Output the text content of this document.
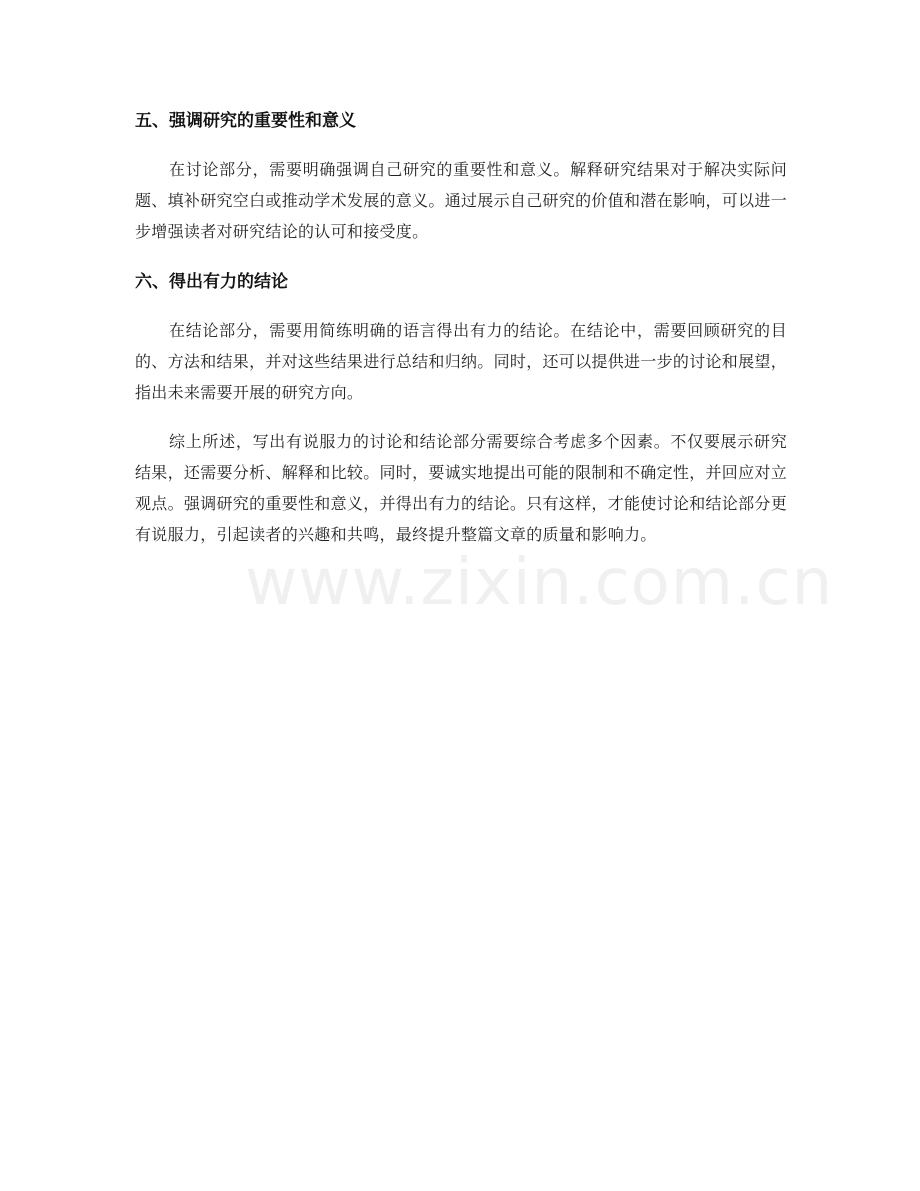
五、强调研究的重要性和意义

在讨论部分，需要明确强调自己研究的重要性和意义。解释研究结果对于解决实际问题、填补研究空白或推动学术发展的意义。通过展示自己研究的价值和潜在影响，可以进一步增强读者对研究结论的认可和接受度。

六、得出有力的结论

在结论部分，需要用简练明确的语言得出有力的结论。在结论中，需要回顾研究的目的、方法和结果，并对这些结果进行总结和归纳。同时，还可以提供进一步的讨论和展望，指出未来需要开展的研究方向。

综上所述，写出有说服力的讨论和结论部分需要综合考虑多个因素。不仅要展示研究结果，还需要分析、解释和比较。同时，要诚实地提出可能的限制和不确定性，并回应对立观点。强调研究的重要性和意义，并得出有力的结论。只有这样，才能使讨论和结论部分更有说服力，引起读者的兴趣和共鸣，最终提升整篇文章的质量和影响力。

www.zixin.com.cn
